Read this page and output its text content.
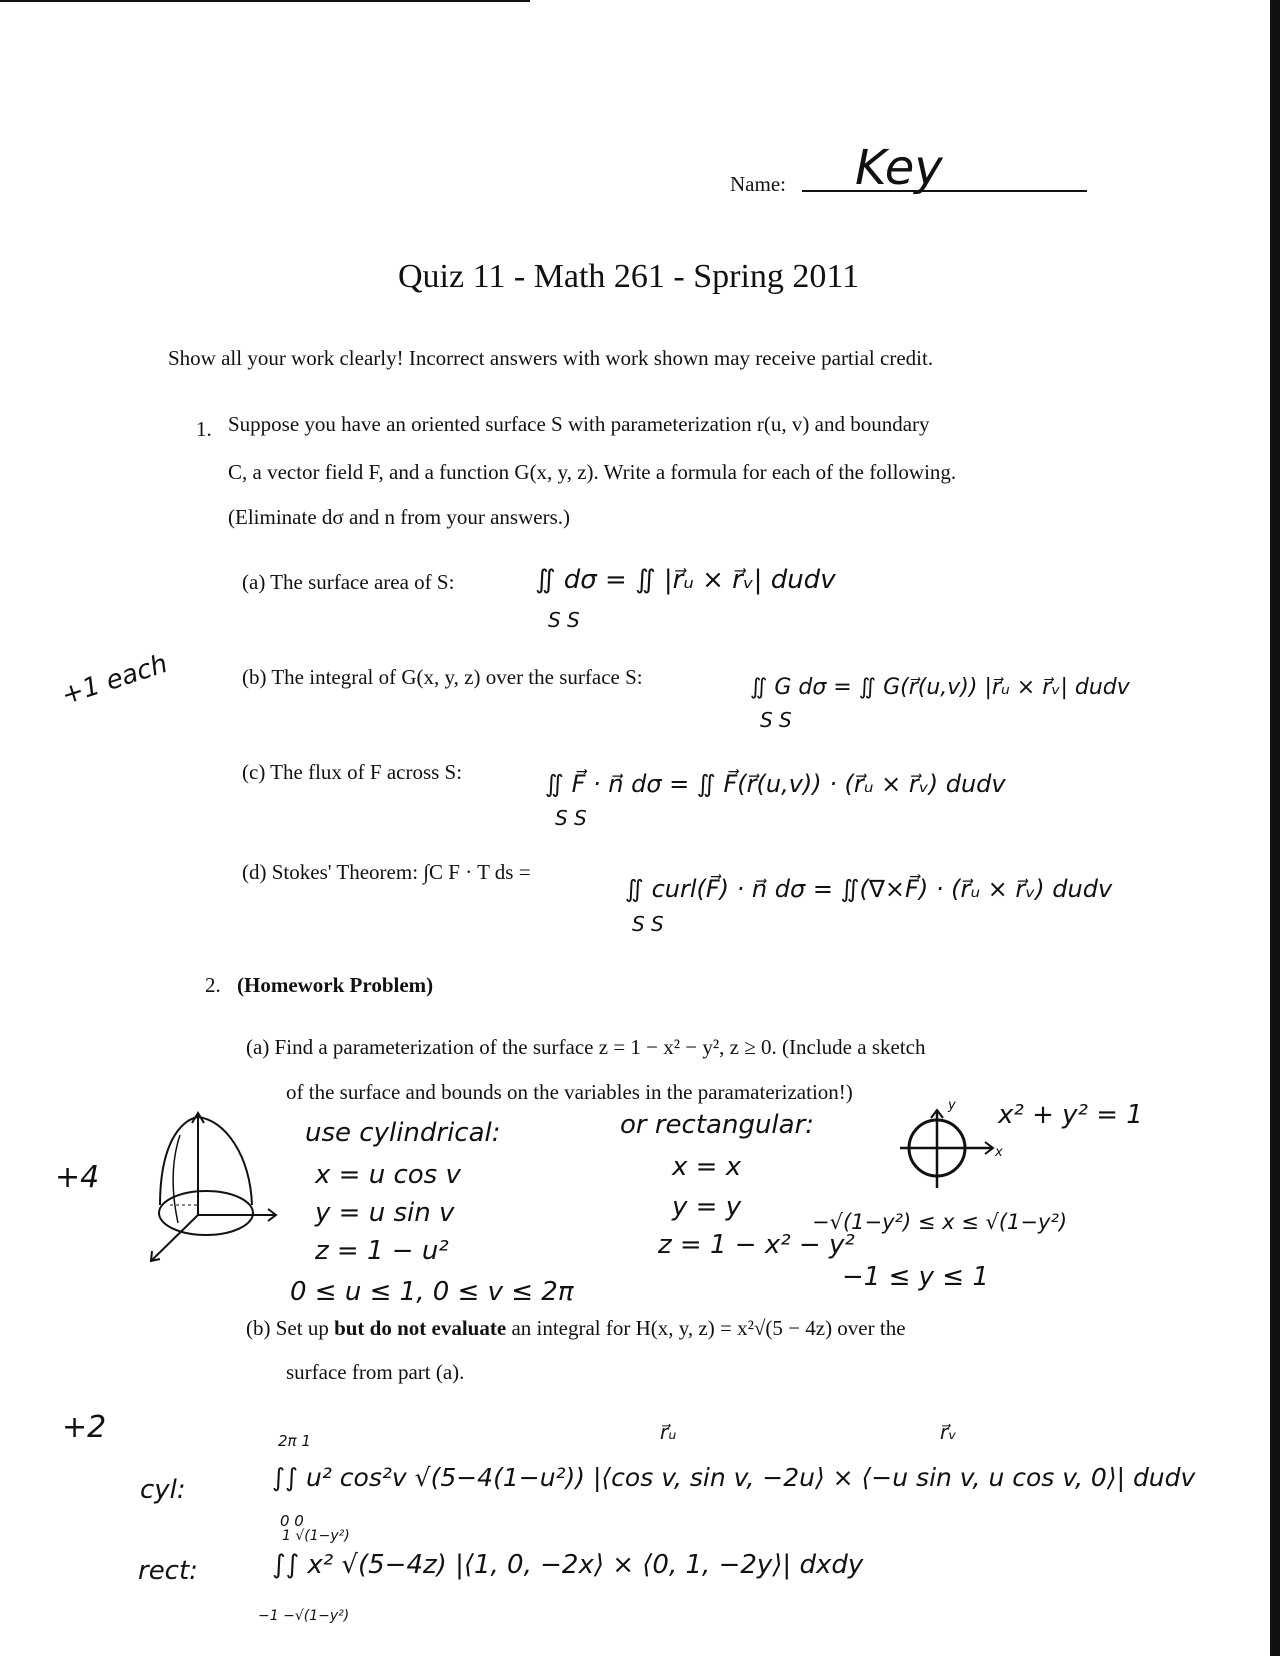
Name: Key
Quiz 11 - Math 261 - Spring 2011
Show all your work clearly! Incorrect answers with work shown may receive partial credit.
1. Suppose you have an oriented surface S with parameterization r(u, v) and boundary
C, a vector field F, and a function G(x, y, z). Write a formula for each of the following.
(Eliminate dσ and n from your answers.)
+1 each
(a) The surface area of S:	∬ dσ = ∬ |r⃗ᵤ × r⃗ᵥ| dudv
S S
(b) The integral of G(x, y, z) over the surface S:	∬ G dσ = ∬ G(r⃗(u,v)) |r⃗ᵤ × r⃗ᵥ| dudv
S S
(c) The flux of F across S:	∬ F⃗ · n⃗ dσ = ∬ F⃗(r⃗(u,v)) · (r⃗ᵤ × r⃗ᵥ) dudv
S S
(d) Stokes' Theorem: ∫C F · T ds =
∬ curl(F⃗) · n⃗ dσ = ∬(∇×F⃗) · (r⃗ᵤ × r⃗ᵥ) dudv
S S
2. (Homework Problem)
(a) Find a parameterization of the surface z = 1 − x² − y², z ≥ 0. (Include a sketch
of the surface and bounds on the variables in the paramaterization!)
+4
use cylindrical:
x = u cos v
y = u sin v
z = 1 − u²
0 ≤ u ≤ 1, 0 ≤ v ≤ 2π
or rectangular:
x = x
y = y
z = 1 − x² − y²
−√(1−y²) ≤ x ≤ √(1−y²)
−1 ≤ y ≤ 1
y
x
x² + y² = 1
(b) Set up but do not evaluate an integral for H(x, y, z) = x²√(5 − 4z) over the
surface from part (a).
+2	r⃗ᵤ	r⃗ᵥ
cyl:
2π 1
∫∫ u² cos²v √(5−4(1−u²)) |⟨cos v, sin v, −2u⟩ × ⟨−u sin v, u cos v, 0⟩| dudv
0 0
rect:
1 √(1−y²)
∫∫ x² √(5−4z) |⟨1, 0, −2x⟩ × ⟨0, 1, −2y⟩| dxdy
−1 −√(1−y²)
